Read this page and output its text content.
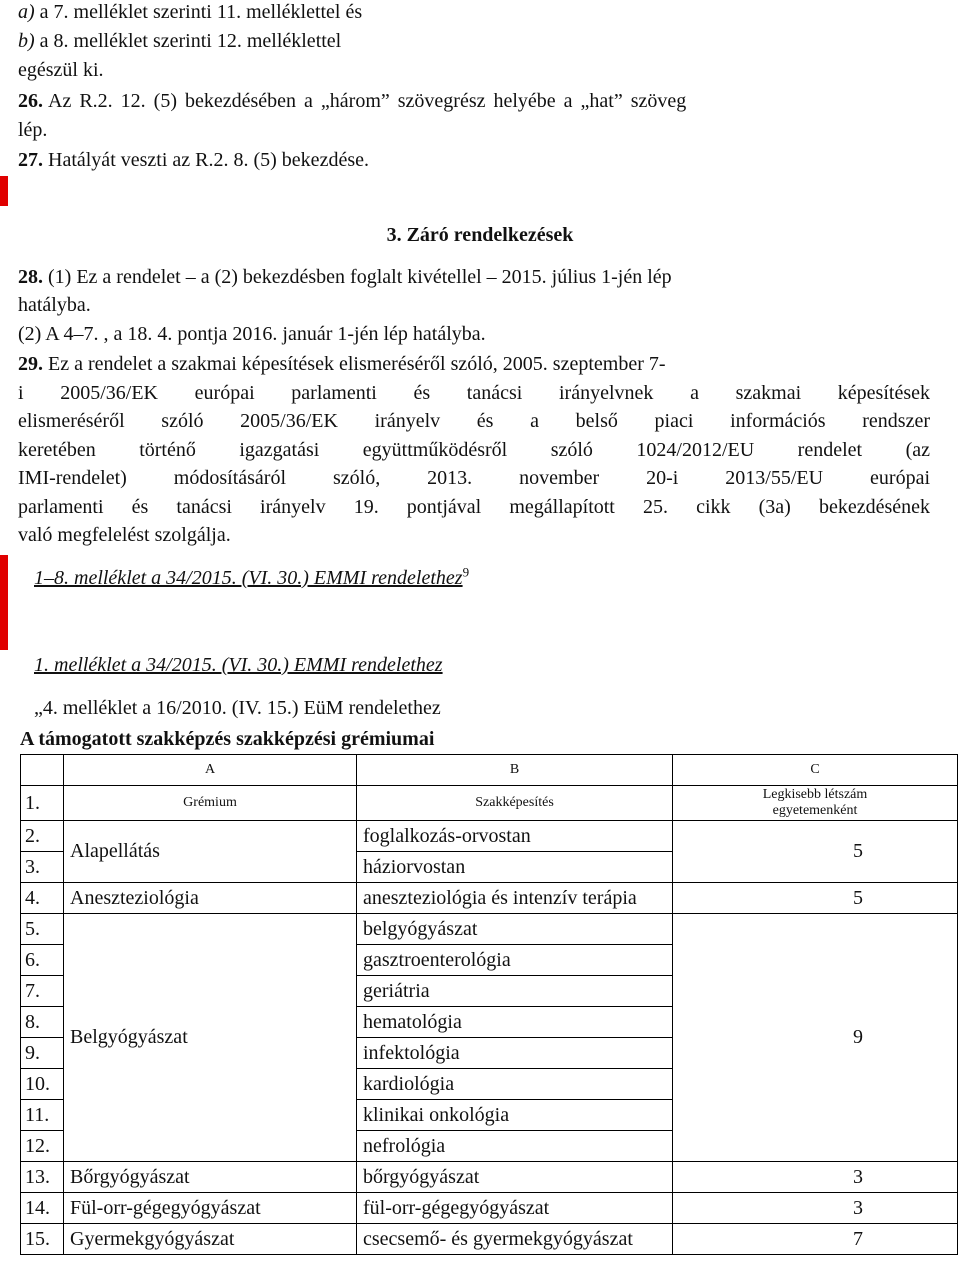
a) a 7. melléklet szerinti 11. melléklettel és
b) a 8. melléklet szerinti 12. melléklettel
egészül ki.
26. Az R.2. 12. (5) bekezdésében a „három” szövegrész helyébe a „hat” szöveg
lép.
27. Hatályát veszti az R.2. 8. (5) bekezdése.
3. Záró rendelkezések
28. (1) Ez a rendelet – a (2) bekezdésben foglalt kivétellel – 2015. július 1-jén lép
hatályba.
(2) A 4–7. , a 18. 4. pontja 2016. január 1-jén lép hatályba.
29. Ez a rendelet a szakmai képesítések elismeréséről szóló, 2005. szeptember 7-
i 2005/36/EK európai parlamenti és tanácsi irányelvnek a szakmai képesítések
elismeréséről szóló 2005/36/EK irányelv és a belső piaci információs rendszer
keretében történő igazgatási együttműködésről szóló 1024/2012/EU rendelet (az
IMI-rendelet) módosításáról szóló, 2013. november 20-i 2013/55/EU európai
parlamenti és tanácsi irányelv 19. pontjával megállapított 25. cikk (3a) bekezdésének
való megfelelést szolgálja.
1–8. melléklet a 34/2015. (VI. 30.) EMMI rendelethez$^9$
1. melléklet a 34/2015. (VI. 30.) EMMI rendelethez
„4. melléklet a 16/2010. (IV. 15.) EüM rendelethez
A támogatott szakképzés szakképzési grémiumai
	A	B	C
1.	Grémium	Szakképesítés	Legkisebb létszám
egyetemenként
2.	Alapellátás	foglalkozás-orvostan	5
3.		háziorvostan	
4.	Aneszteziológia	aneszteziológia és intenzív terápia	5
5.	Belgyógyászat	belgyógyászat	9
6.		gasztroenterológia	
7.		geriátria	
8.		hematológia	
9.		infektológia	
10.		kardiológia	
11.		klinikai onkológia	
12.		nefrológia	
13.	Bőrgyógyászat	bőrgyógyászat	3
14.	Fül-orr-gégegyógyászat	fül-orr-gégegyógyászat	3
15.	Gyermekgyógyászat	csecsemő- és gyermekgyógyászat	7
